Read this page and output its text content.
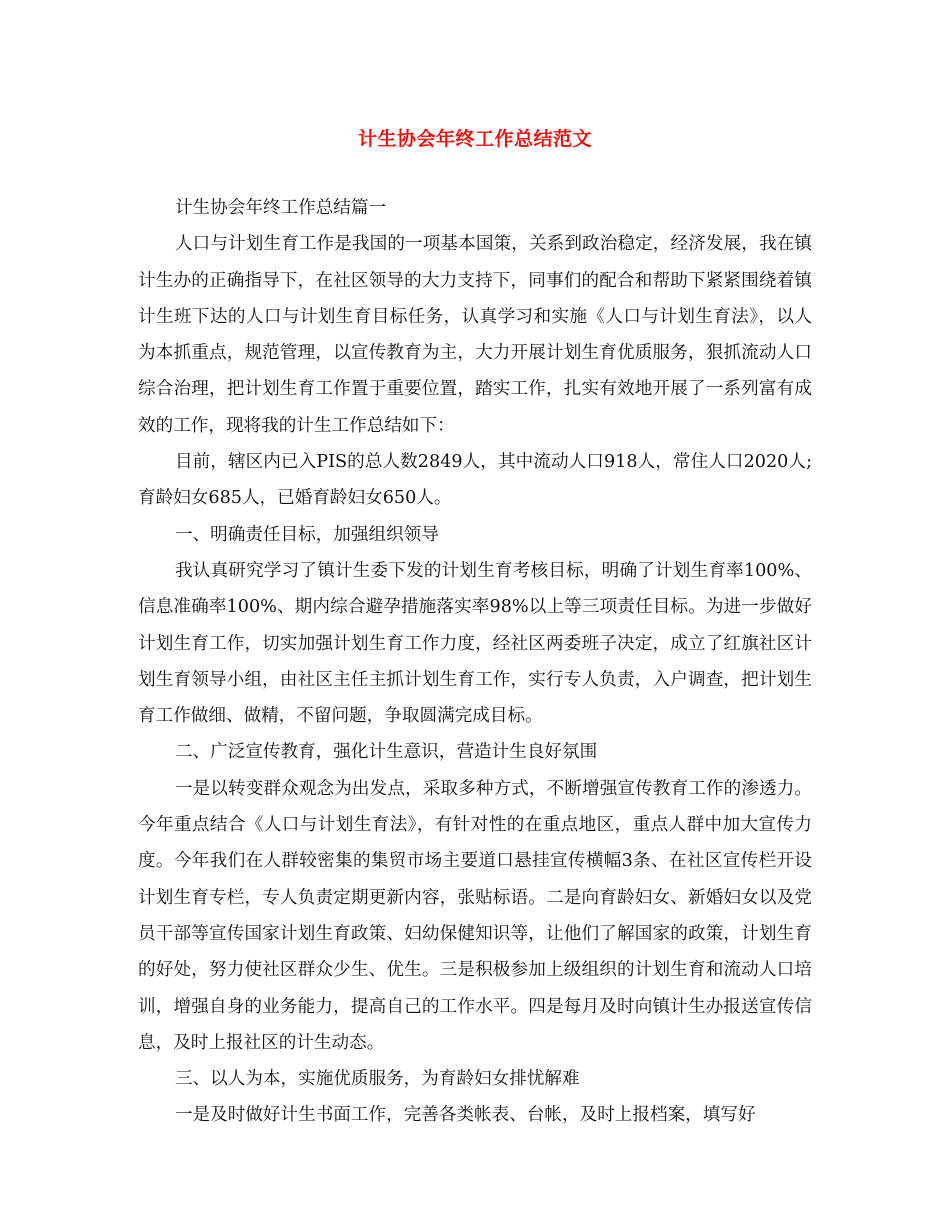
计生协会年终工作总结范文

计生协会年终工作总结篇一

人口与计划生育工作是我国的一项基本国策，关系到政治稳定，经济发展，我在镇计生办的正确指导下，在社区领导的大力支持下，同事们的配合和帮助下紧紧围绕着镇计生班下达的人口与计划生育目标任务，认真学习和实施《人口与计划生育法》，以人为本抓重点，规范管理，以宣传教育为主，大力开展计划生育优质服务，狠抓流动人口综合治理，把计划生育工作置于重要位置，踏实工作，扎实有效地开展了一系列富有成效的工作，现将我的计生工作总结如下：

目前，辖区内已入PIS的总人数2849人，其中流动人口918人，常住人口2020人;育龄妇女685人，已婚育龄妇女650人。

一、明确责任目标，加强组织领导

我认真研究学习了镇计生委下发的计划生育考核目标，明确了计划生育率100%、信息准确率100%、期内综合避孕措施落实率98%以上等三项责任目标。为进一步做好计划生育工作，切实加强计划生育工作力度，经社区两委班子决定，成立了红旗社区计划生育领导小组，由社区主任主抓计划生育工作，实行专人负责，入户调查，把计划生育工作做细、做精，不留问题，争取圆满完成目标。

二、广泛宣传教育，强化计生意识，营造计生良好氛围

一是以转变群众观念为出发点，采取多种方式，不断增强宣传教育工作的渗透力。今年重点结合《人口与计划生育法》，有针对性的在重点地区，重点人群中加大宣传力度。今年我们在人群较密集的集贸市场主要道口悬挂宣传横幅3条、在社区宣传栏开设计划生育专栏，专人负责定期更新内容，张贴标语。二是向育龄妇女、新婚妇女以及党员干部等宣传国家计划生育政策、妇幼保健知识等，让他们了解国家的政策，计划生育的好处，努力使社区群众少生、优生。三是积极参加上级组织的计划生育和流动人口培训，增强自身的业务能力，提高自己的工作水平。四是每月及时向镇计生办报送宣传信息，及时上报社区的计生动态。

三、以人为本，实施优质服务，为育龄妇女排忧解难

一是及时做好计生书面工作，完善各类帐表、台帐，及时上报档案，填写好
